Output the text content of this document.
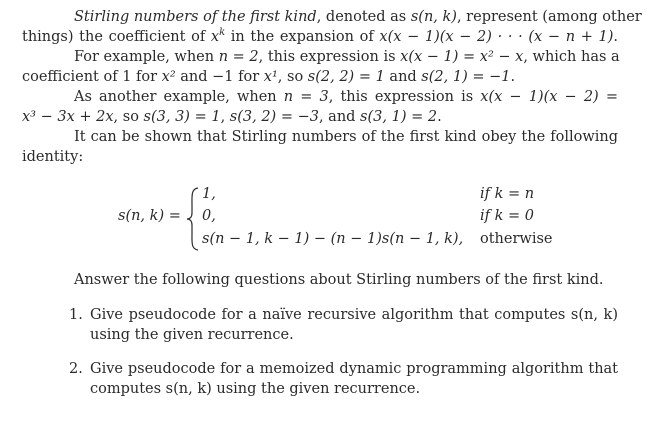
Stirling numbers of the first kind, denoted as s(n, k), represent (among other
things) the coefficient of $x^k$ in the expansion of x(x − 1)(x − 2) · · · (x − n + 1).
For example, when n = 2, this expression is x(x − 1) = x² − x, which has a
coefficient of 1 for x² and −1 for x¹, so s(2, 2) = 1 and s(2, 1) = −1.
As another example, when n = 3, this expression is x(x − 1)(x − 2) =
x³ − 3x + 2x, so s(3, 3) = 1, s(3, 2) = −3, and s(3, 1) = 2.
It can be shown that Stirling numbers of the first kind obey the following
identity:
s(n, k) =
1,	if k = n
0,	if k = 0
s(n − 1, k − 1) − (n − 1)s(n − 1, k), otherwise
Answer the following questions about Stirling numbers of the first kind.
1. Give pseudocode for a naïve recursive algorithm that computes s(n, k)
using the given recurrence.
2. Give pseudocode for a memoized dynamic programming algorithm that
computes s(n, k) using the given recurrence.
